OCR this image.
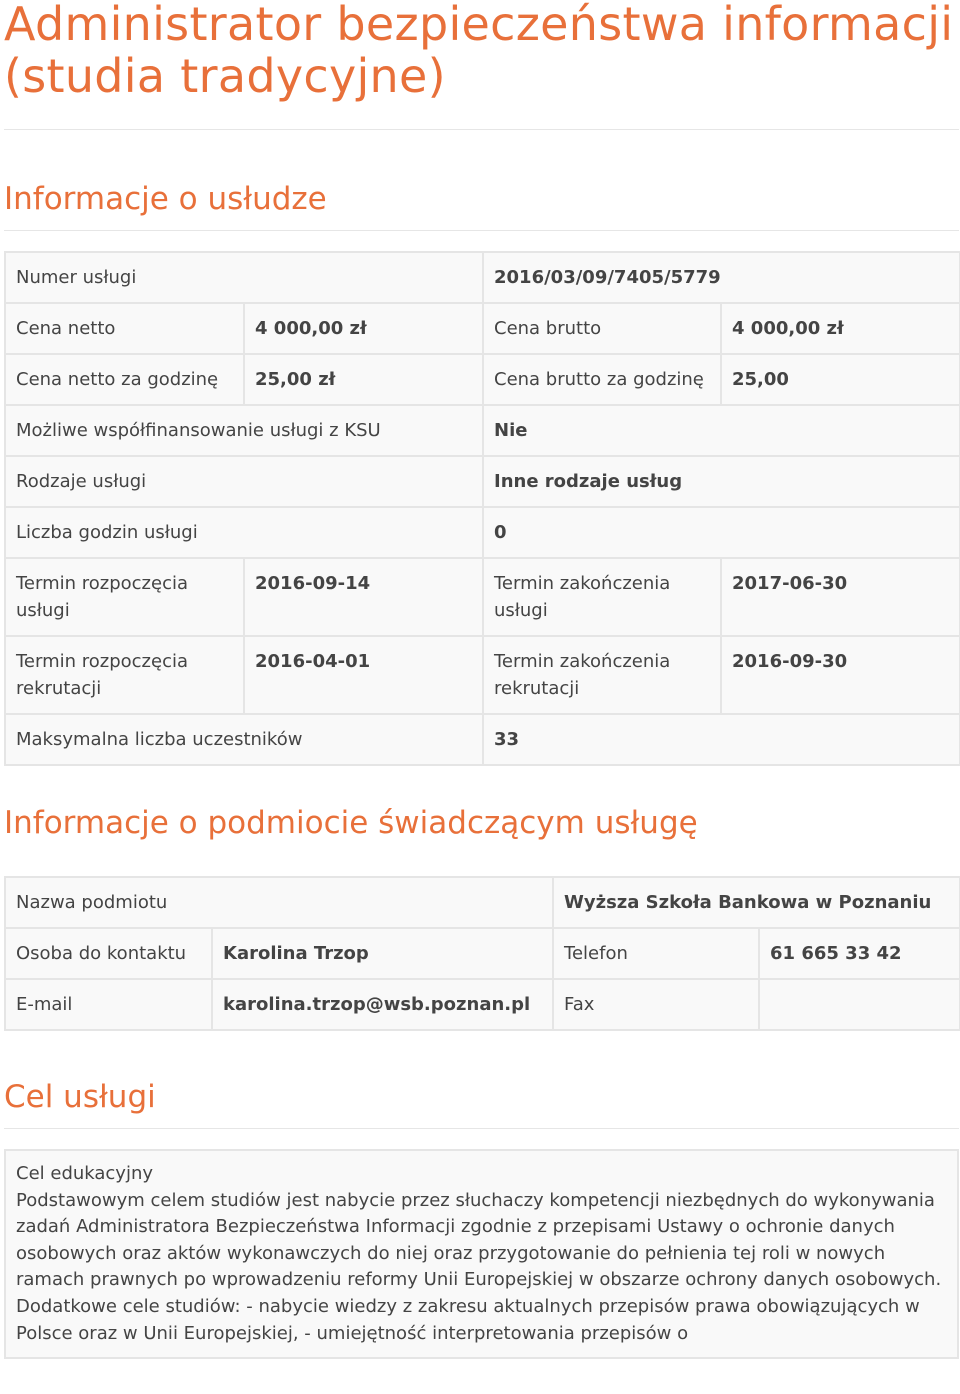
Administrator bezpieczeństwa informacji (studia tradycyjne)
Informacje o usłudze
Numer usługi		2016/03/09/7405/5779	
Cena netto	4 000,00 zł	Cena brutto	4 000,00 zł
Cena netto za godzinę	25,00 zł	Cena brutto za godzinę	25,00
Możliwe współfinansowanie usługi z KSU		Nie	
Rodzaje usługi		Inne rodzaje usług	
Liczba godzin usługi		0	
Termin rozpoczęcia usługi	2016-09-14	Termin zakończenia usługi	2017-06-30
Termin rozpoczęcia rekrutacji	2016-04-01	Termin zakończenia rekrutacji	2016-09-30
Maksymalna liczba uczestników		33	
Informacje o podmiocie świadczącym usługę
Nazwa podmiotu		Wyższa Szkoła Bankowa w Poznaniu	
Osoba do kontaktu	Karolina Trzop	Telefon	61 665 33 42
E-mail	karolina.trzop@wsb.poznan.pl	Fax	
Cel usługi

Cel edukacyjny

Podstawowym celem studiów jest nabycie przez słuchaczy kompetencji niezbędnych do wykonywania zadań Administratora Bezpieczeństwa Informacji zgodnie z przepisami Ustawy o ochronie danych osobowych oraz aktów wykonawczych do niej oraz przygotowanie do pełnienia tej roli w nowych ramach prawnych po wprowadzeniu reformy Unii Europejskiej w obszarze ochrony danych osobowych. Dodatkowe cele studiów: - nabycie wiedzy z zakresu aktualnych przepisów prawa obowiązujących w Polsce oraz w Unii Europejskiej, - umiejętność interpretowania przepisów o
